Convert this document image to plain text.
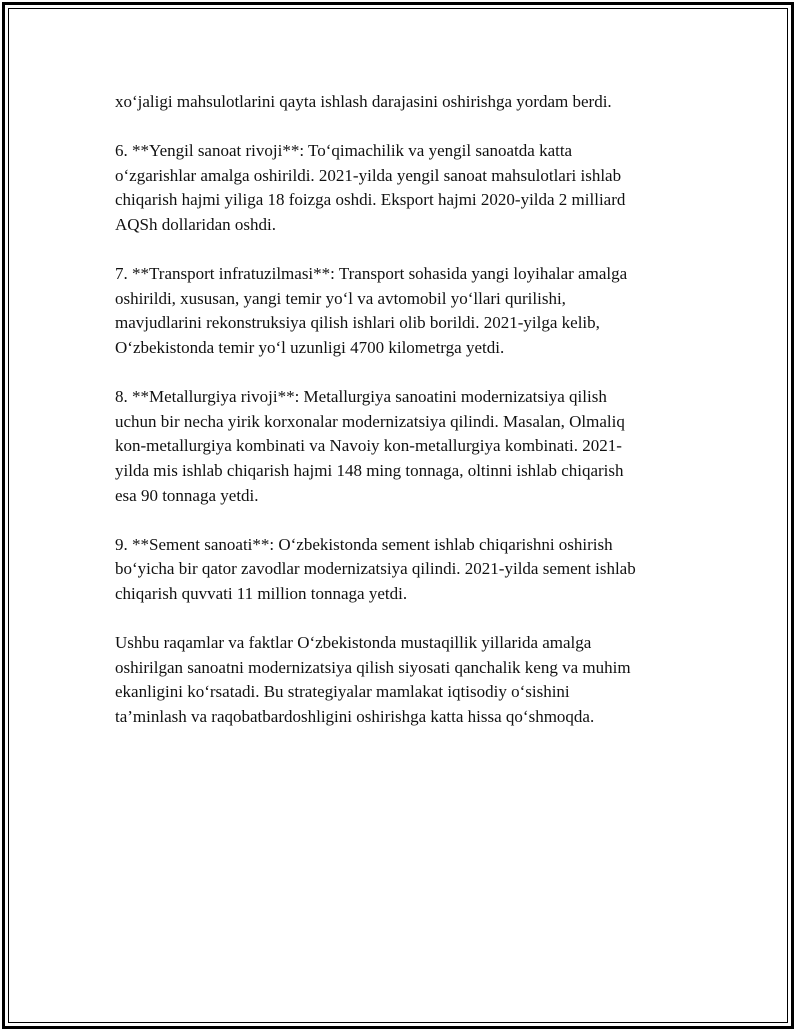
xo‘jaligi mahsulotlarini qayta ishlash darajasini oshirishga yordam berdi.

6. **Yengil sanoat rivoji**: To‘qimachilik va yengil sanoatda katta
o‘zgarishlar amalga oshirildi. 2021-yilda yengil sanoat mahsulotlari ishlab
chiqarish hajmi yiliga 18 foizga oshdi. Eksport hajmi 2020-yilda 2 milliard
AQSh dollaridan oshdi.

7. **Transport infratuzilmasi**: Transport sohasida yangi loyihalar amalga
oshirildi, xususan, yangi temir yo‘l va avtomobil yo‘llari qurilishi,
mavjudlarini rekonstruksiya qilish ishlari olib borildi. 2021-yilga kelib,
O‘zbekistonda temir yo‘l uzunligi 4700 kilometrga yetdi.

8. **Metallurgiya rivoji**: Metallurgiya sanoatini modernizatsiya qilish
uchun bir necha yirik korxonalar modernizatsiya qilindi. Masalan, Olmaliq
kon-metallurgiya kombinati va Navoiy kon-metallurgiya kombinati. 2021-
yilda mis ishlab chiqarish hajmi 148 ming tonnaga, oltinni ishlab chiqarish
esa 90 tonnaga yetdi.

9. **Sement sanoati**: O‘zbekistonda sement ishlab chiqarishni oshirish
bo‘yicha bir qator zavodlar modernizatsiya qilindi. 2021-yilda sement ishlab
chiqarish quvvati 11 million tonnaga yetdi.

Ushbu raqamlar va faktlar O‘zbekistonda mustaqillik yillarida amalga
oshirilgan sanoatni modernizatsiya qilish siyosati qanchalik keng va muhim
ekanligini ko‘rsatadi. Bu strategiyalar mamlakat iqtisodiy o‘sishini
ta’minlash va raqobatbardoshligini oshirishga katta hissa qo‘shmoqda.
